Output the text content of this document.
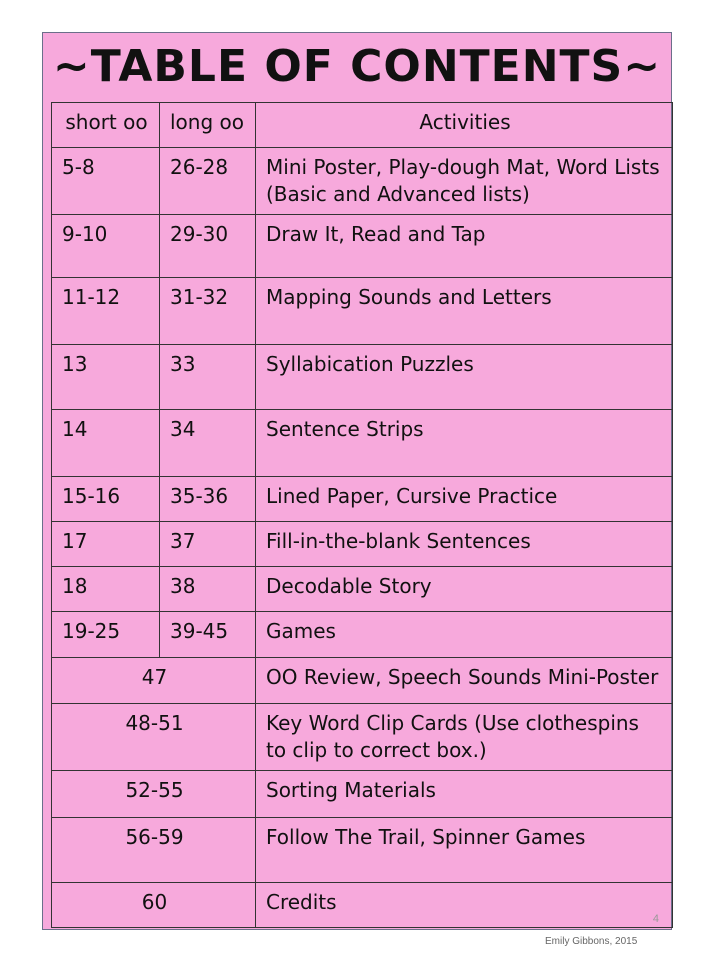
~TABLE OF CONTENTS~
short oo	long oo	Activities
5-8	26-28	Mini Poster, Play-dough Mat, Word Lists (Basic and Advanced lists)
9-10	29-30	Draw It, Read and Tap
11-12	31-32	Mapping Sounds and Letters
13	33	Syllabication Puzzles
14	34	Sentence Strips
15-16	35-36	Lined Paper, Cursive Practice
17	37	Fill-in-the-blank Sentences
18	38	Decodable Story
19-25	39-45	Games
47		OO Review, Speech Sounds Mini-Poster
48-51		Key Word Clip Cards (Use clothespins to clip to correct box.)
52-55		Sorting Materials
56-59		Follow The Trail, Spinner Games
60		Credits
4
Emily Gibbons, 2015
